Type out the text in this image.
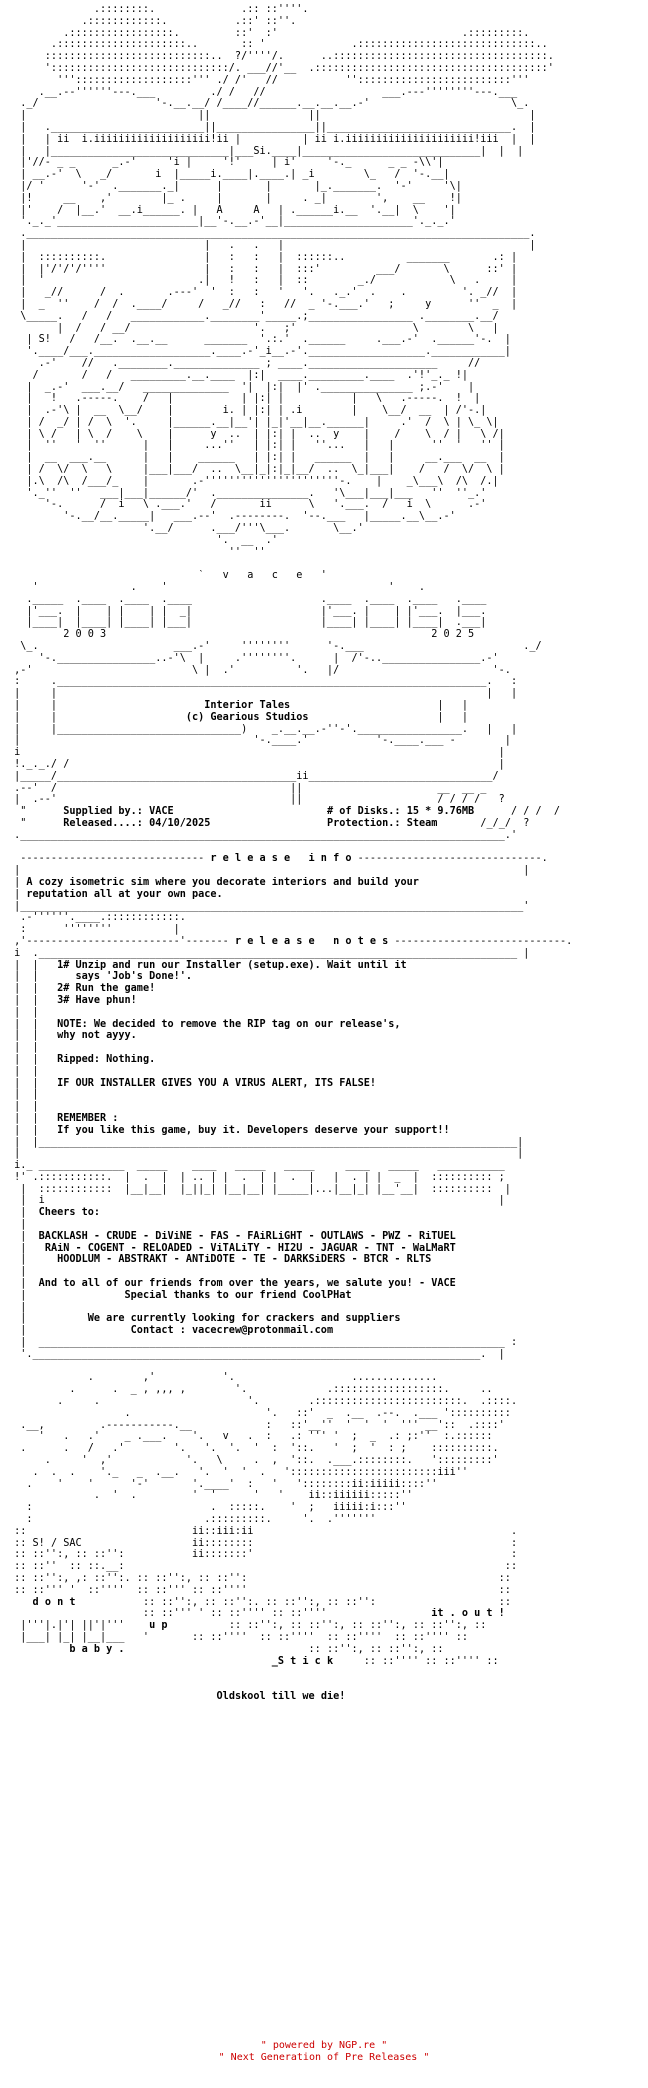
.::::::::.              .:: ::''''.
.::::::::::::.           .::' ::''.
.:::::::::::::::::.         ::'  :'                              .:::::::::.
.:::::::::::::::::::::..       :: '              .:::::::::::::::::::::::::::::..
:::::::::::::::::::::::::::..  ?/''''/.      ..:::::::::::::::::::::::::::::::::::.
':::::::::::::::::::::::::::::/. ___//'__  .::::::::::::::::::::::::::::::::::::::'
''':::::::::::::::::::''' ./ /'   //           '':::::::::::::::::::::::::'''
.__.--''''''---.___         ./ /   //                   ___.---''''''''---.___
._/                   '-.__.__/ /____//______.__.__.__.-'                       \_.
|                            ||                ||                                  |
|   ._________________________||________________||______________________________.  |
|   | ii  i.iiiiiiiiiiiiiiiiiii!ii |          | ii i.iiiiiiiiiiiiiiiiiiiii!iii  |  |
|   |_____________________________|___Si.____|_____________________________|  |  |
|'//- _ _      _.-'     'i |     '!'     | i'     '-._      _ _ -\\'|
| __.-'  \   _/       i  |_____i.____|.____.| _i        \_   /  '-.__|
|/ '      '-'  ._______._|      |       |       |_._______.  '-'     '\|
|!     __    ,'        |_ .     |       |     . _|        ',    __    !|
|'    /  |__.'  __.i______. |   A     A   | .______i.__  '.__|  \    '|
'._._'_______________________|__'-.__.-'__|_____________________'._._.'
.__________________________________________________________________________________.
|                             |   .   .   |                                        |
|  ::::::::::.                |   :   :   |  ::::::..          _______       .: |
|  |'/'/'/''''                |   :   :   |  :::'         ___/       \      ::' |
|  '                         .|   !   :   |  ::        _./            \   .     |
|   _//      /  .       .---'  '  :   :   '   '.   ._.'  .    .         '. _//  |
|  _  ''    /  /  .____/     /   _//   :   //  _ '-.___.'   ;     y      ''  _  |
\_____.   /   /   ____________.________'_____.;_________________ .________.__/
|  /   / __/                    '.   ;'                   \        \   |
| S!   /   /__.  .__.__      _______  '.:.'  .______     .___.-'  .______'-.  |
'.____/___.___________________.____.-'_i__.-'.___________________.____________|
.-'    //   .________.______________ ; ____._____________________     //
/       /   /   _________.__.____  |:|  ____._________.____  .'!'_._ !|
|  _.-'  ___.__/   ______________  '|  |:|  |' ._______________ ;.-'    |
|   !   .-----.    /   |           | |:| |           |   \   .-----.  !  |
|  .-'\ |  __  \__/    |        i. | |:| | .i        |    \__/  __  | /'-.|
| /  _/ | /  \  '.     |______.__|__'| |_|'__|__.______|     .'  /  \ | \_ \|
| \ /   | \  /    \    |      y  ..  | |:| |  ..  y    |    /    \  / |   \ /|
|  ''   '  ''      |   |     ...''   | |:| |   ''...   |   |      ''  '   '' |
|  __  ___.__      |   |    ______   | |:| |   ______  |   |     __.___  __  |
| /  \/  \   \     |___|___/  ..  \__|_|:|_|__/  ..  \_|___|    /   /  \/  \ |
|.\  /\  /___/_    |       .-''''''''''''''''''''''-.    |    _\___\  /\  /.|
'._''  ''   ___|___|______/'  ._______________.   '\___|___|___   ''  ''_.'
'-.      /  i   \ .___.'   /       ii      \   '.___.  /   i  \      .-'
'-.__/__._____|   ___.--'  .--------.  '--.___   |_____.__\__.-'
'.__/      .___/'''\___.       \__.'
'.  __  .'
''  ''

`   v   a   c   e   '
'               .    '                                    '    .
._____  .____  .____  .____                     .____  .____  .____   .____
|'___.  |    | |    | |  _|                     |'___. |    | |'___.  |___.
|____|  |____| |____| |___|                     |____| |____| |____|  .___|
2 0 0 3	2 0 2 5
\_.                      ___.-'     ''''''''      '-.___                          ._/
'-.________________..-'\  |     .''''''''.      |  /'-..________________.-'
,-'                          \ |  .'          '.   |/                         '-.
:     .______________________________________________________________________.   :
|     |                                                                      |   |
|     |                        Interior Tales                        |   |
|     |                     (c) Gearious Studios                     |   |
|     |______________________________)    _.__.__.-''-'._________________.   |   |
|                                      '-.____.'           '-.____.___ -        |
i                                                                              |
!._._./ /                                                                      |
|_____/_______________________________________ii______________________________/
.--'  /                                      ||                      __  __ _
|  .--'                                      ||                      / / / /   ?
"      Supplied by.: VACE	# of Disks.: 15 * 9.76MB      / / /  /
"      Released....: 04/10/2025	Protection.: Steam       /_/_/  ?
._______________________________________________________________________________.'

------------------------------ r e l e a s e   i n f o ------------------------------.
|                                                                                  |
| A cozy isometric sim where you decorate interiors and build your
| reputation all at your own pace.
|__________________________________________________________________________________'
.-''''''.____.::::::::::::.
:      ''''''''          |
,'-------------------------'------- r e l e a s e   n o t e s ----------------------------.
i  .______________________________________________________________________________ |
|  |   1# Unzip and run our Installer (setup.exe). Wait until it
|  |      says 'Job's Done!'.
|  |   2# Run the game!
|  |   3# Have phun!
|  |
|  |   NOTE: We decided to remove the RIP tag on our release's,
|  |   why not ayyy.
|  |
|  |   Ripped: Nothing.
|  |
|  |   IF OUR INSTALLER GIVES YOU A VIRUS ALERT, ITS FALSE!
|  |
|  |
|  |   REMEMBER :
|  |   If you like this game, buy it. Developers deserve your support!!
|  |______________________________________________________________________________|
|                                                                                 |
i._ ______________  _____    ____   _____   _____     ____   _____   ___________
!' .:::::::::::.  |  .  |  | .. | |  .  | |  .  |   |  . | |  _  |  :::::::::: ;
|  ::::::::::::  |__|__|  |_||_| |__|__| |_____|...|__|_| |__'__|  ::::::::::  |
|  i                                                                          |
|  Cheers to:
|
|  BACKLASH - CRUDE - DiViNE - FAS - FAiRLiGHT - OUTLAWS - PWZ - RiTUEL
|   RAiN - COGENT - RELOADED - ViTALiTY - HI2U - JAGUAR - TNT - WaLMaRT
|     HOODLUM - ABSTRAKT - ANTiDOTE - TE - DARKSiDERS - BTCR - RLTS
|
|  And to all of our friends from over the years, we salute you! - VACE
|                Special thanks to our friend CoolPHat
|
|          We are currently looking for crackers and suppliers
|                 Contact : vacecrew@protonmail.com
|  ____________________________________________________________________________ :
'._________________________________________________________________________.  |

.        ,'           '.                   ..............
.      .  _ , ,,, ,        '.             .::::::::::::::::::.     ..
.     .                        '.        .::::::::::::::::::::::::.  .::::.
.                      '.   ::'  _  .__  .--.  .___ '::::::::::
.__,         .-----------.__            :   ::'__''  '  '  '  ''' __'::  .::::'
'   .   .'    _ .___.    '.   v   .  :   .: ''' '  ;  _  .: ;:''  :.::::::
.      .   /   .'        '.   '.  '.  '  :  '::.   '  ;  '  : ;    ::::::::::.
.     '  ,'            '.   \     .  ,  '::.  .___.::::::::.   ':::::::::'
.  .  .    '._   _  .__.   '.  '  '  .   '::::::::::::::::::::::::iii''
.    '    '      '-'       '.____'  :   '   '::::::::ii:iiiii::::''
.  '  .         '  '      '   '    ii::iiiiii:::::''
:                             .  :::::.    '  ;   iiiii:i:::''
:                            .:::::::::.     '.  .'''''''
::                           ii::iii:ii                                          .
:: S! / SAC                  ii::::::::                                          :
:: ::'':, :: ::'':           ii:::::::'                                          :
:: ::''  :: ::.__:                                                              ::
:: ::'':, ,: ::'':. :: ::'':, :: ::'':                                         ::
:: ::''' '  ::''''  :: ::''' :: ::''''                                         ::
d o n t           :: ::'':, :: ::'':. :: ::'':, :: ::'':                    ::
:: ::''' ' :: ::'''' :: ::''''                 it . o u t !
|'''|.|'| ||'|'''    u p          :: ::'':, :: ::'':, :: ::'':, :: ::'':, ::
|___| |_| |__|___   '       :: ::''''  :: ::''''  :: ::''''  :: ::'''' ::
b a b y .                              :: ::'':, :: ::'':, ::
_S t i c k     :: ::'''' :: ::'''' ::

Oldskool till we die!
" powered by NGP.re "
" Next Generation of Pre Releases "
